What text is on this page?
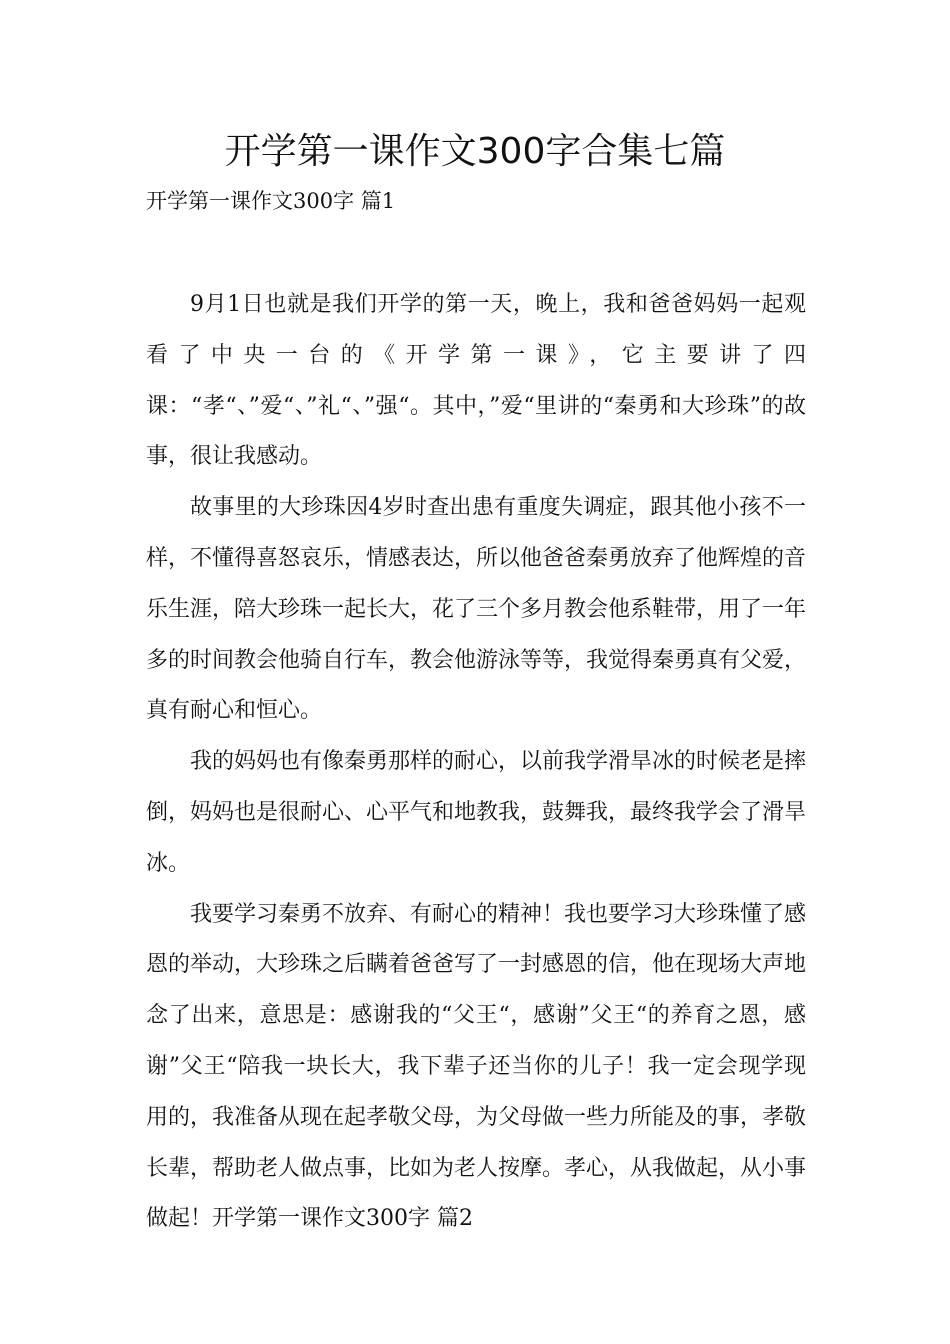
开学第一课作文300字合集七篇

开学第一课作文300字 篇1

9月1日也就是我们开学的第一天，晚上，我和爸爸妈妈一起观看了中央一台的《开学第一课》，它主要讲了四课：“孝“、”爱“、”礼“、”强“。其中，”爱“里讲的“秦勇和大珍珠”的故事，很让我感动。

故事里的大珍珠因4岁时查出患有重度失调症，跟其他小孩不一样，不懂得喜怒哀乐，情感表达，所以他爸爸秦勇放弃了他辉煌的音乐生涯，陪大珍珠一起长大，花了三个多月教会他系鞋带，用了一年多的时间教会他骑自行车，教会他游泳等等，我觉得秦勇真有父爱，真有耐心和恒心。

我的妈妈也有像秦勇那样的耐心，以前我学滑旱冰的时候老是摔倒，妈妈也是很耐心、心平气和地教我，鼓舞我，最终我学会了滑旱冰。

我要学习秦勇不放弃、有耐心的精神！我也要学习大珍珠懂了感恩的举动，大珍珠之后瞒着爸爸写了一封感恩的信，他在现场大声地念了出来，意思是：感谢我的“父王“，感谢”父王“的养育之恩，感谢”父王“陪我一块长大，我下辈子还当你的儿子！我一定会现学现用的，我准备从现在起孝敬父母，为父母做一些力所能及的事，孝敬长辈，帮助老人做点事，比如为老人按摩。孝心，从我做起，从小事做起！开学第一课作文300字 篇2
